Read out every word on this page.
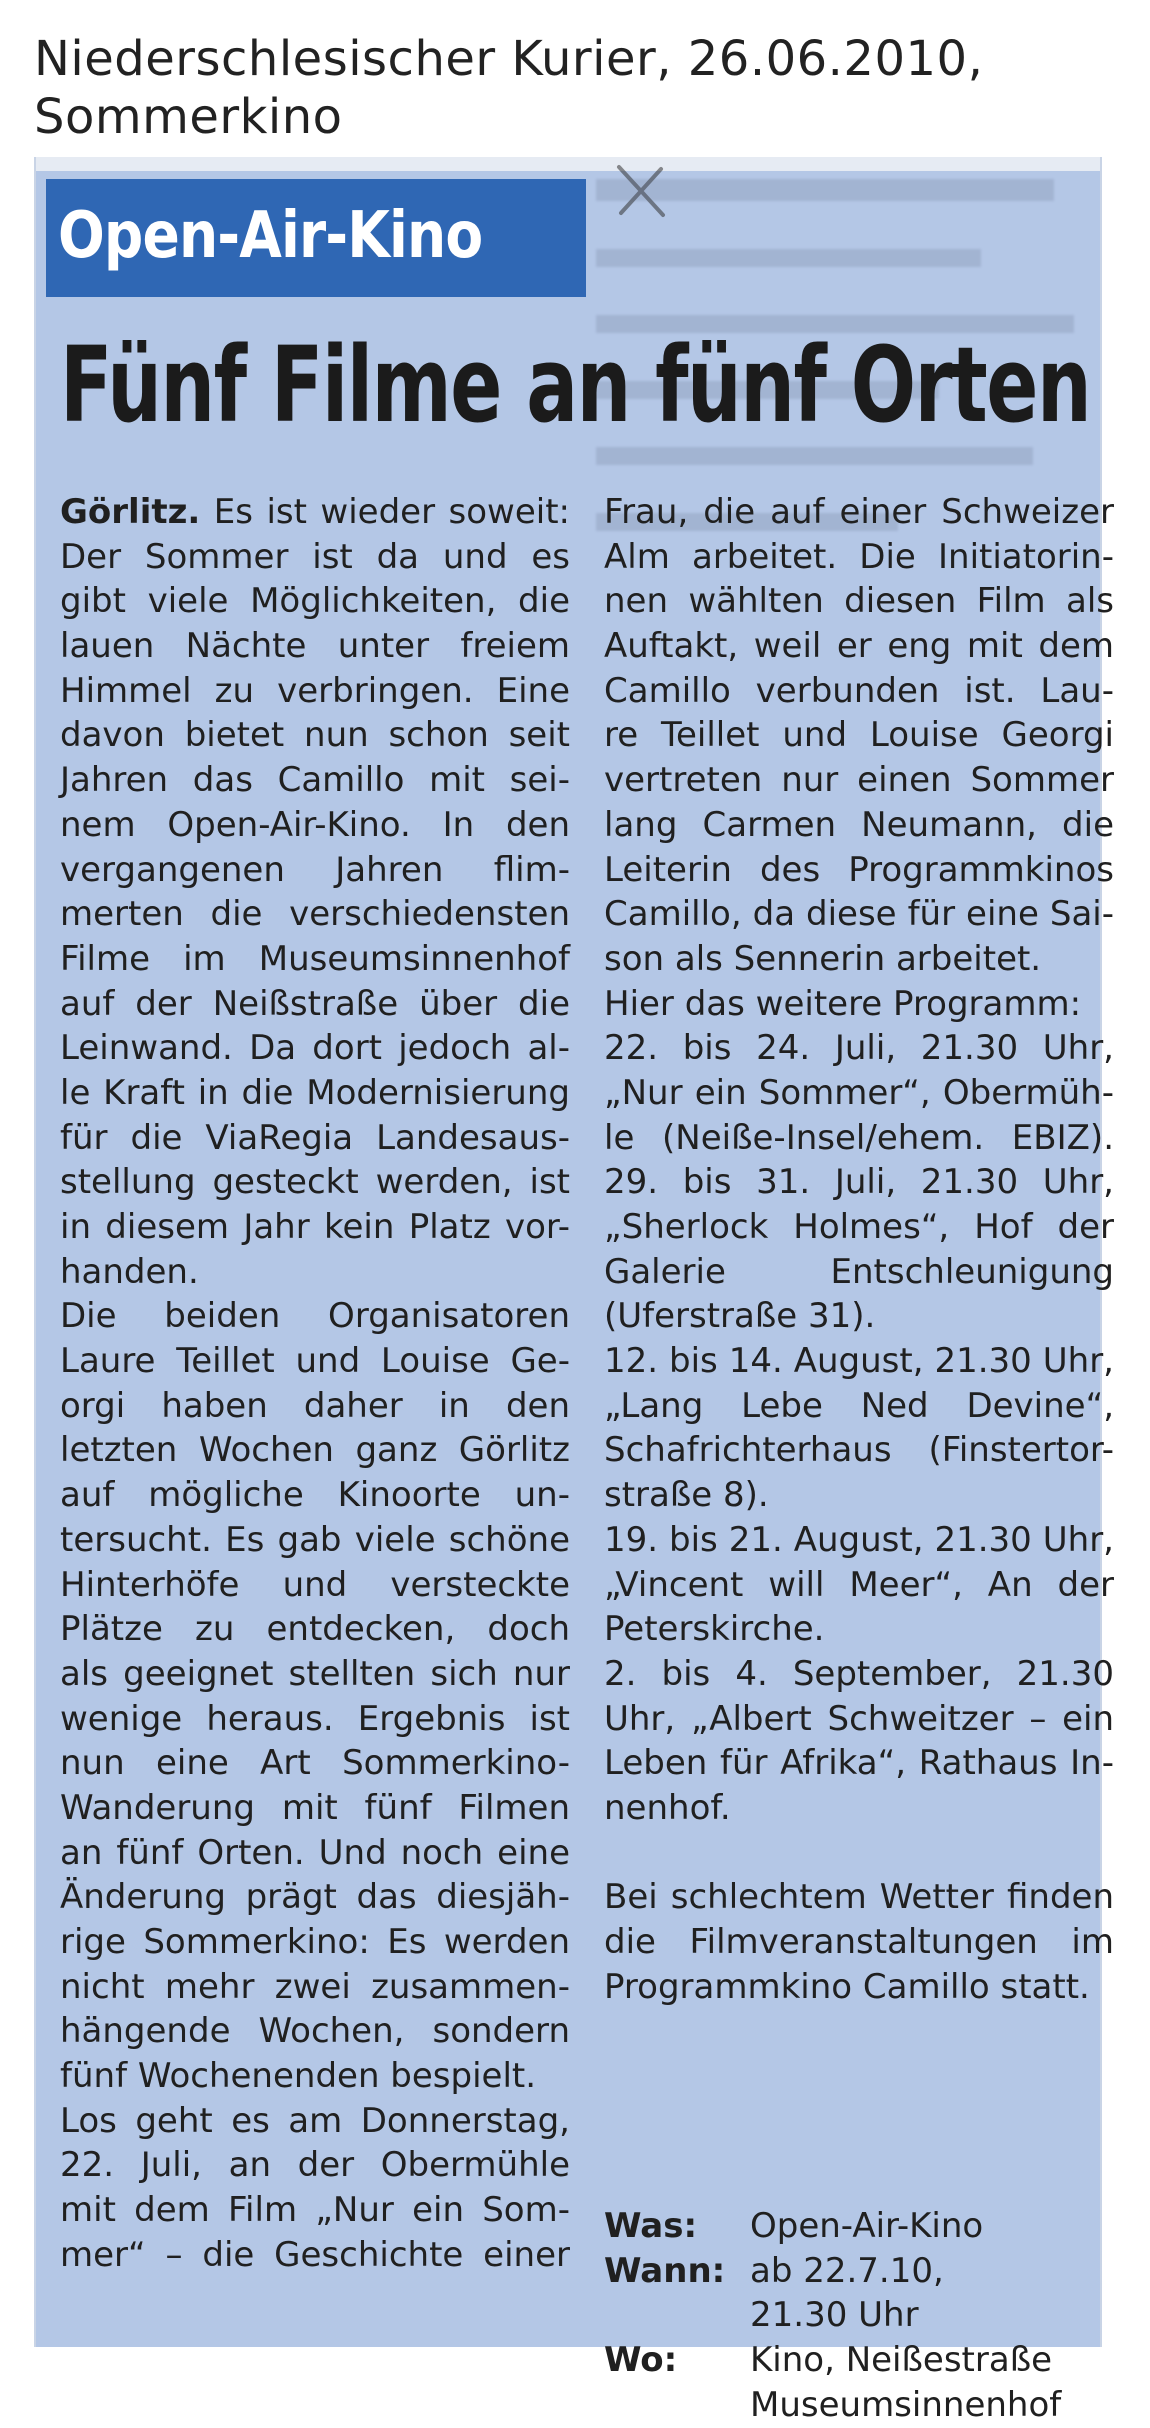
Niederschlesischer Kurier, 26.06.2010,
Sommerkino
Open-Air-Kino
Fünf Filme an fünf Orten
Görlitz. Es ist wieder soweit:
Der Sommer ist da und es
gibt viele Möglichkeiten, die
lauen Nächte unter freiem
Himmel zu verbringen. Eine
davon bietet nun schon seit
Jahren das Camillo mit sei-
nem Open-Air-Kino. In den
vergangenen Jahren flim-
merten die verschiedensten
Filme im Museumsinnenhof
auf der Neißstraße über die
Leinwand. Da dort jedoch al-
le Kraft in die Modernisierung
für die ViaRegia Landesaus-
stellung gesteckt werden, ist
in diesem Jahr kein Platz vor-
handen.
Die beiden Organisatoren
Laure Teillet und Louise Ge-
orgi haben daher in den
letzten Wochen ganz Görlitz
auf mögliche Kinoorte un-
tersucht. Es gab viele schöne
Hinterhöfe und versteckte
Plätze zu entdecken, doch
als geeignet stellten sich nur
wenige heraus. Ergebnis ist
nun eine Art Sommerkino-
Wanderung mit fünf Filmen
an fünf Orten. Und noch eine
Änderung prägt das diesjäh-
rige Sommerkino: Es werden
nicht mehr zwei zusammen-
hängende Wochen, sondern
fünf Wochenenden bespielt.
Los geht es am Donnerstag,
22. Juli, an der Obermühle
mit dem Film „Nur ein Som-
mer“ – die Geschichte einer
Frau, die auf einer Schweizer
Alm arbeitet. Die Initiatorin-
nen wählten diesen Film als
Auftakt, weil er eng mit dem
Camillo verbunden ist. Lau-
re Teillet und Louise Georgi
vertreten nur einen Sommer
lang Carmen Neumann, die
Leiterin des Programmkinos
Camillo, da diese für eine Sai-
son als Sennerin arbeitet.
Hier das weitere Programm:
22. bis 24. Juli, 21.30 Uhr,
„Nur ein Sommer“, Obermüh-
le (Neiße-Insel/ehem. EBIZ).
29. bis 31. Juli, 21.30 Uhr,
„Sherlock Holmes“, Hof der
Galerie Entschleunigung
(Uferstraße 31).
12. bis 14. August, 21.30 Uhr,
„Lang Lebe Ned Devine“,
Schafrichterhaus (Finstertor-
straße 8).
19. bis 21. August, 21.30 Uhr,
„Vincent will Meer“, An der
Peterskirche.
2. bis 4. September, 21.30
Uhr, „Albert Schweitzer – ein
Leben für Afrika“, Rathaus In-
nenhof.
Bei schlechtem Wetter finden
die Filmveranstaltungen im
Programmkino Camillo statt.
Was:	Open-Air-Kino
Wann: ab 22.7.10,
21.30 Uhr
Wo:	Kino, Neißestraße
Museumsinnenhof
